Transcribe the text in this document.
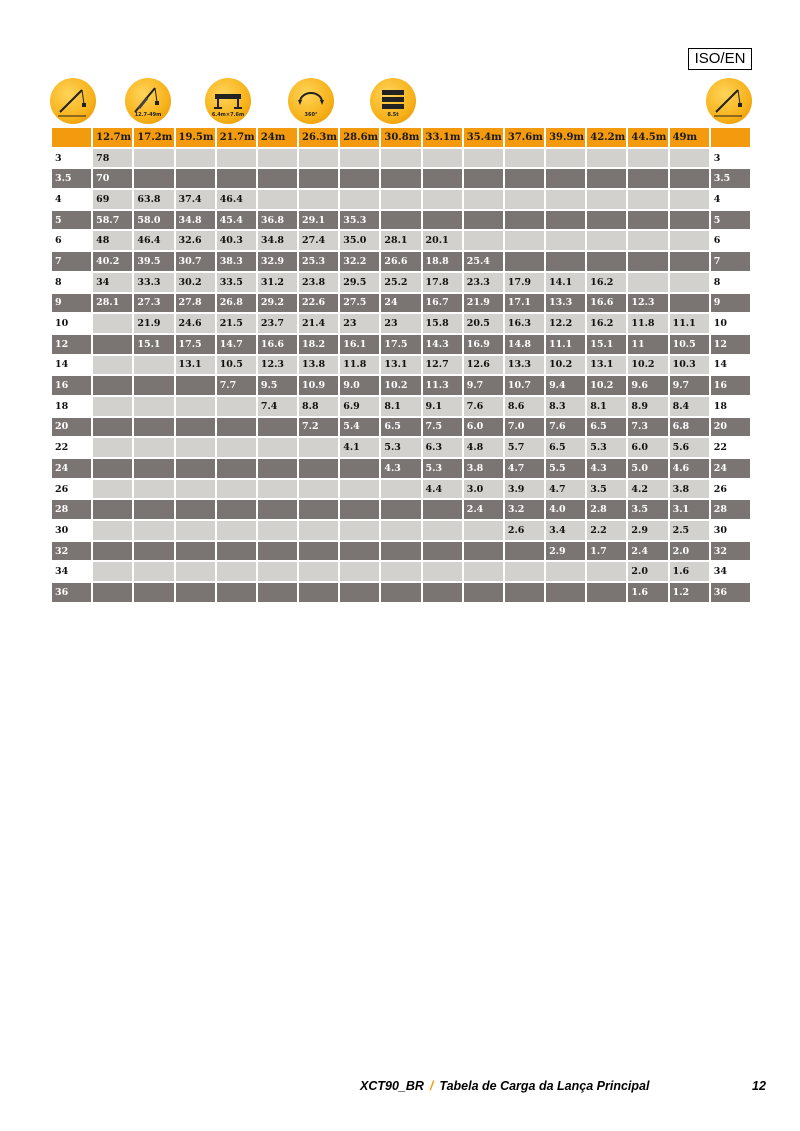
ISO/EN
12.7-49m	6.4m×7.6m	360°	8.5t
	12.7m	17.2m	19.5m	21.7m	24m	26.3m	28.6m	30.8m	33.1m	35.4m	37.6m	39.9m	42.2m	44.5m	49m	
3	78															3
3.5	70															3.5
4	69	63.8	37.4	46.4												4
5	58.7	58.0	34.8	45.4	36.8	29.1	35.3									5
6	48	46.4	32.6	40.3	34.8	27.4	35.0	28.1	20.1							6
7	40.2	39.5	30.7	38.3	32.9	25.3	32.2	26.6	18.8	25.4						7
8	34	33.3	30.2	33.5	31.2	23.8	29.5	25.2	17.8	23.3	17.9	14.1	16.2			8
9	28.1	27.3	27.8	26.8	29.2	22.6	27.5	24	16.7	21.9	17.1	13.3	16.6	12.3		9
10		21.9	24.6	21.5	23.7	21.4	23	23	15.8	20.5	16.3	12.2	16.2	11.8	11.1	10
12		15.1	17.5	14.7	16.6	18.2	16.1	17.5	14.3	16.9	14.8	11.1	15.1	11	10.5	12
14			13.1	10.5	12.3	13.8	11.8	13.1	12.7	12.6	13.3	10.2	13.1	10.2	10.3	14
16				7.7	9.5	10.9	9.0	10.2	11.3	9.7	10.7	9.4	10.2	9.6	9.7	16
18					7.4	8.8	6.9	8.1	9.1	7.6	8.6	8.3	8.1	8.9	8.4	18
20						7.2	5.4	6.5	7.5	6.0	7.0	7.6	6.5	7.3	6.8	20
22							4.1	5.3	6.3	4.8	5.7	6.5	5.3	6.0	5.6	22
24								4.3	5.3	3.8	4.7	5.5	4.3	5.0	4.6	24
26									4.4	3.0	3.9	4.7	3.5	4.2	3.8	26
28										2.4	3.2	4.0	2.8	3.5	3.1	28
30											2.6	3.4	2.2	2.9	2.5	30
32												2.9	1.7	2.4	2.0	32
34														2.0	1.6	34
36														1.6	1.2	36
XCT90_BR / Tabela de Carga da Lança Principal	12
